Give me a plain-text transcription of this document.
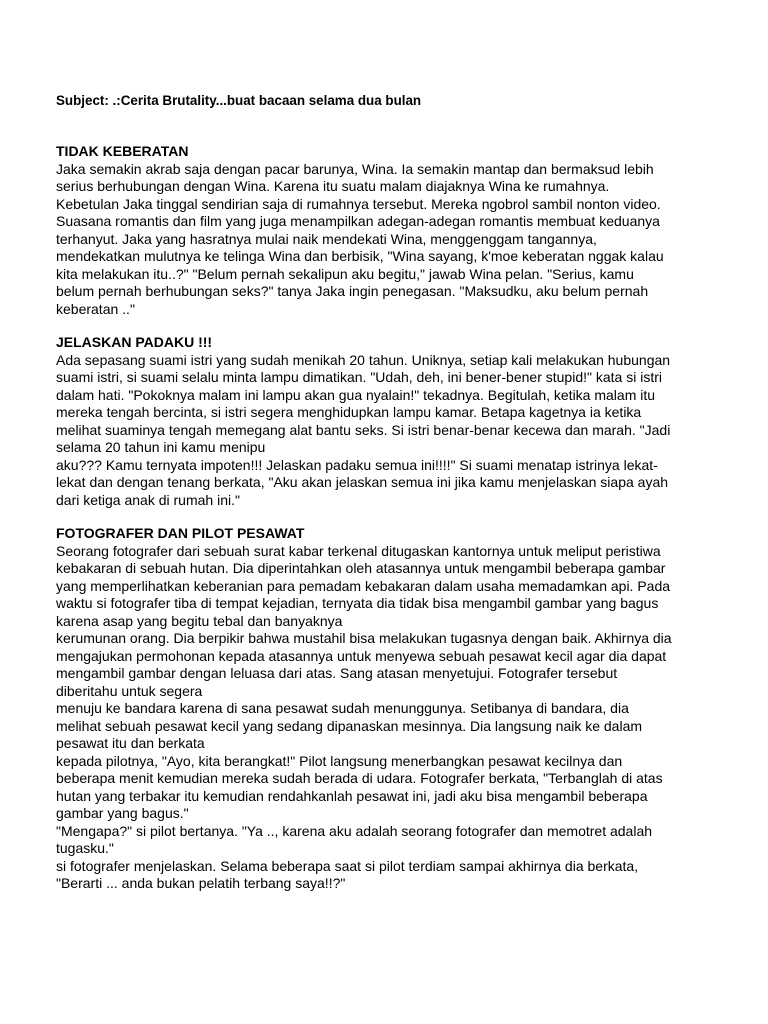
Subject: .:Cerita Brutality...buat bacaan selama dua bulan

TIDAK KEBERATAN

Jaka semakin akrab saja dengan pacar barunya, Wina. Ia semakin mantap dan bermaksud lebih

serius berhubungan dengan Wina. Karena itu suatu malam diajaknya Wina ke rumahnya.

Kebetulan Jaka tinggal sendirian saja di rumahnya tersebut. Mereka ngobrol sambil nonton video.

Suasana romantis dan film yang juga menampilkan adegan-adegan romantis membuat keduanya

terhanyut. Jaka yang hasratnya mulai naik mendekati Wina, menggenggam tangannya,

mendekatkan mulutnya ke telinga Wina dan berbisik, "Wina sayang, k'moe keberatan nggak kalau

kita melakukan itu..?" "Belum pernah sekalipun aku begitu," jawab Wina pelan. "Serius, kamu

belum pernah berhubungan seks?" tanya Jaka ingin penegasan. "Maksudku, aku belum pernah

keberatan .."

JELASKAN PADAKU !!!

Ada sepasang suami istri yang sudah menikah 20 tahun. Uniknya, setiap kali melakukan hubungan

suami istri, si suami selalu minta lampu dimatikan. "Udah, deh, ini bener-bener stupid!" kata si istri

dalam hati. "Pokoknya malam ini lampu akan gua nyalain!" tekadnya. Begitulah, ketika malam itu

mereka tengah bercinta, si istri segera menghidupkan lampu kamar. Betapa kagetnya ia ketika

melihat suaminya tengah memegang alat bantu seks. Si istri benar-benar kecewa dan marah. "Jadi

selama 20 tahun ini kamu menipu

aku??? Kamu ternyata impoten!!! Jelaskan padaku semua ini!!!!" Si suami menatap istrinya lekat-

lekat dan dengan tenang berkata, "Aku akan jelaskan semua ini jika kamu menjelaskan siapa ayah

dari ketiga anak di rumah ini."

FOTOGRAFER DAN PILOT PESAWAT

Seorang fotografer dari sebuah surat kabar terkenal ditugaskan kantornya untuk meliput peristiwa

kebakaran di sebuah hutan. Dia diperintahkan oleh atasannya untuk mengambil beberapa gambar

yang memperlihatkan keberanian para pemadam kebakaran dalam usaha memadamkan api. Pada

waktu si fotografer tiba di tempat kejadian, ternyata dia tidak bisa mengambil gambar yang bagus

karena asap yang begitu tebal dan banyaknya

kerumunan orang. Dia berpikir bahwa mustahil bisa melakukan tugasnya dengan baik. Akhirnya dia

mengajukan permohonan kepada atasannya untuk menyewa sebuah pesawat kecil agar dia dapat

mengambil gambar dengan leluasa dari atas. Sang atasan menyetujui. Fotografer tersebut

diberitahu untuk segera

menuju ke bandara karena di sana pesawat sudah menunggunya. Setibanya di bandara, dia

melihat sebuah pesawat kecil yang sedang dipanaskan mesinnya. Dia langsung naik ke dalam

pesawat itu dan berkata

kepada pilotnya, "Ayo, kita berangkat!" Pilot langsung menerbangkan pesawat kecilnya dan

beberapa menit kemudian mereka sudah berada di udara. Fotografer berkata, "Terbanglah di atas

hutan yang terbakar itu kemudian rendahkanlah pesawat ini, jadi aku bisa mengambil beberapa

gambar yang bagus."

"Mengapa?" si pilot bertanya. "Ya .., karena aku adalah seorang fotografer dan memotret adalah

tugasku."

si fotografer menjelaskan. Selama beberapa saat si pilot terdiam sampai akhirnya dia berkata,

"Berarti ... anda bukan pelatih terbang saya!!?"
